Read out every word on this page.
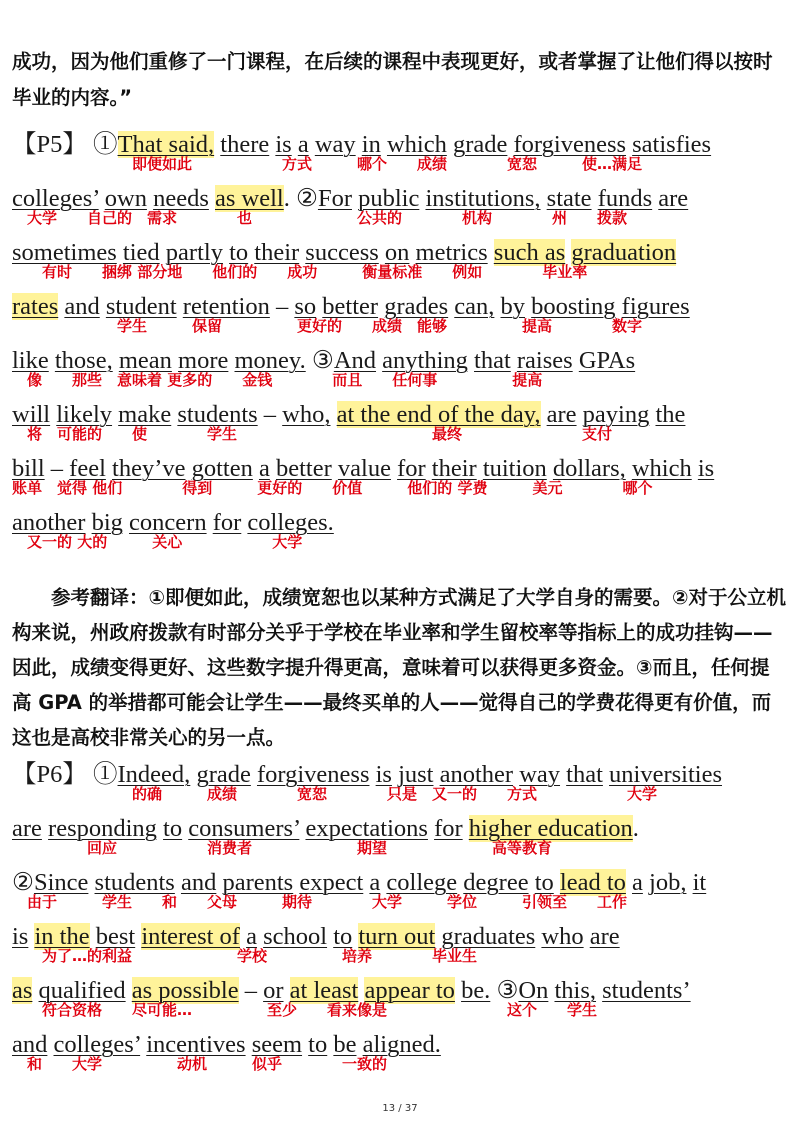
成功，因为他们重修了一门课程，在后续的课程中表现更好，或者掌握了让他们得以按时毕业的内容。”
【P5】 ①That said, there is a way in which grade forgiveness satisfies
　　　　　　　　即便如此　　　　　　方式　　　哪个　　成绩　　　　宽恕　　　使…满足
colleges’ own needs as well. ②For public institutions, state funds are
　大学　　自己的　需求　　　　也　　　　　　　公共的　　　　机构　　　　州　　拨款
sometimes tied partly to their success on metrics such as graduation
　　有时　　捆绑 部分地　　他们的　　成功　　　衡量标准　　例如　　　　毕业率
rates and student retention – so better grades can, by boosting figures
　　　　　　　学生　　　保留　　　　　更好的　　成绩　能够　　　　　提高　　　　数字
like those, mean more money. ③And anything that raises GPAs
　像　　那些　意味着 更多的　　金钱　　　　而且　　任何事　　　　　提高
will likely make students – who, at the end of the day, are paying the
　将　可能的　　使　　　　学生　　　　　　　　　　　　　最终　　　　　　　　支付
bill – feel they’ve gotten a better value for their tuition dollars, which is
账单　觉得 他们　　　　得到　　　更好的　　价值　　　他们的 学费　　　美元　　　　哪个
another big concern for colleges.
　又一的 大的　　　关心　　　　　　大学
　　参考翻译：①即便如此，成绩宽恕也以某种方式满足了大学自身的需要。②对于公立机构来说，州政府拨款有时部分关乎于学校在毕业率和学生留校率等指标上的成功挂钩——因此，成绩变得更好、这些数字提升得更高，意味着可以获得更多资金。③而且，任何提高 GPA 的举措都可能会让学生——最终买单的人——觉得自己的学费花得更有价值，而这也是高校非常关心的另一点。
【P6】 ①Indeed, grade forgiveness is just another way that universities
　　　　　　　　的确　　　成绩　　　　宽恕　　　　只是　又一的　　方式　　　　　　大学
are responding to consumers’ expectations for higher education.
　　　　　回应　　　　　　消费者　　　　　　　期望　　　　　　　高等教育
②Since students and parents expect a college degree to lead to a job, it
　由于　　　学生　　和　　父母　　　期待　　　　大学　　　学位　　　引领至　　工作
is in the best interest of a school to turn out graduates who are
　　为了…的利益　　　　　　　学校　　　　　培养　　　　毕业生
as qualified as possible – or at least appear to be. ③On this, students’
　　符合资格　　尽可能…　　　　　至少　　看来像是　　　　　　　　这个　　学生
and colleges’ incentives seem to be aligned.
　和　　大学　　　　　动机　　　似乎　　　　一致的
13 / 37
